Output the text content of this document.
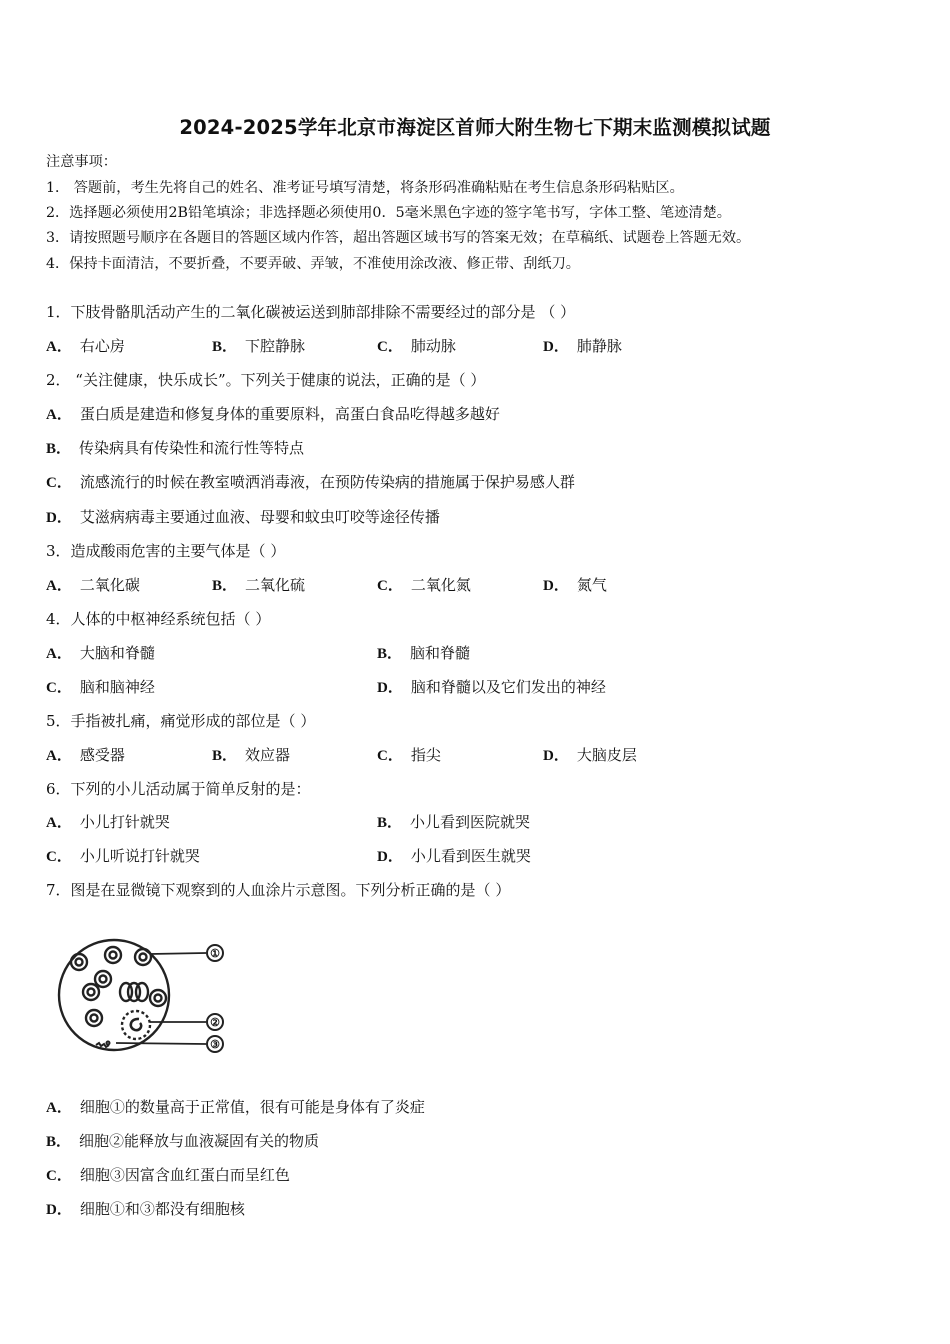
2024-2025学年北京市海淀区首师大附生物七下期末监测模拟试题
注意事项：
1． 答题前，考生先将自己的姓名、准考证号填写清楚，将条形码准确粘贴在考生信息条形码粘贴区。
2．选择题必须使用2B铅笔填涂；非选择题必须使用0．5毫米黑色字迹的签字笔书写，字体工整、笔迹清楚。
3．请按照题号顺序在各题目的答题区域内作答，超出答题区域书写的答案无效；在草稿纸、试题卷上答题无效。
4．保持卡面清洁，不要折叠，不要弄破、弄皱，不准使用涂改液、修正带、刮纸刀。
1．下肢骨骼肌活动产生的二氧化碳被运送到肺部排除不需要经过的部分是 （ ）
A． 右心房	B． 下腔静脉	C． 肺动脉	D． 肺静脉
2． “关注健康，快乐成长”。下列关于健康的说法，正确的是（ ）
A． 蛋白质是建造和修复身体的重要原料，高蛋白食品吃得越多越好
B． 传染病具有传染性和流行性等特点
C． 流感流行的时候在教室喷洒消毒液，在预防传染病的措施属于保护易感人群
D． 艾滋病病毒主要通过血液、母婴和蚊虫叮咬等途径传播
3．造成酸雨危害的主要气体是（ ）
A． 二氧化碳	B． 二氧化硫	C． 二氧化氮	D． 氮气
4．人体的中枢神经系统包括（ ）
A． 大脑和脊髓	B． 脑和脊髓
C． 脑和脑神经	D． 脑和脊髓以及它们发出的神经
5．手指被扎痛，痛觉形成的部位是（ ）
A． 感受器	B． 效应器	C． 指尖	D． 大脑皮层
6．下列的小儿活动属于简单反射的是：
A． 小儿打针就哭	B． 小儿看到医院就哭
C． 小儿听说打针就哭	D． 小儿看到医生就哭
7．图是在显微镜下观察到的人血涂片示意图。下列分析正确的是（ ）
①
②
③
A． 细胞①的数量高于正常值，很有可能是身体有了炎症
B． 细胞②能释放与血液凝固有关的物质
C． 细胞③因富含血红蛋白而呈红色
D． 细胞①和③都没有细胞核
